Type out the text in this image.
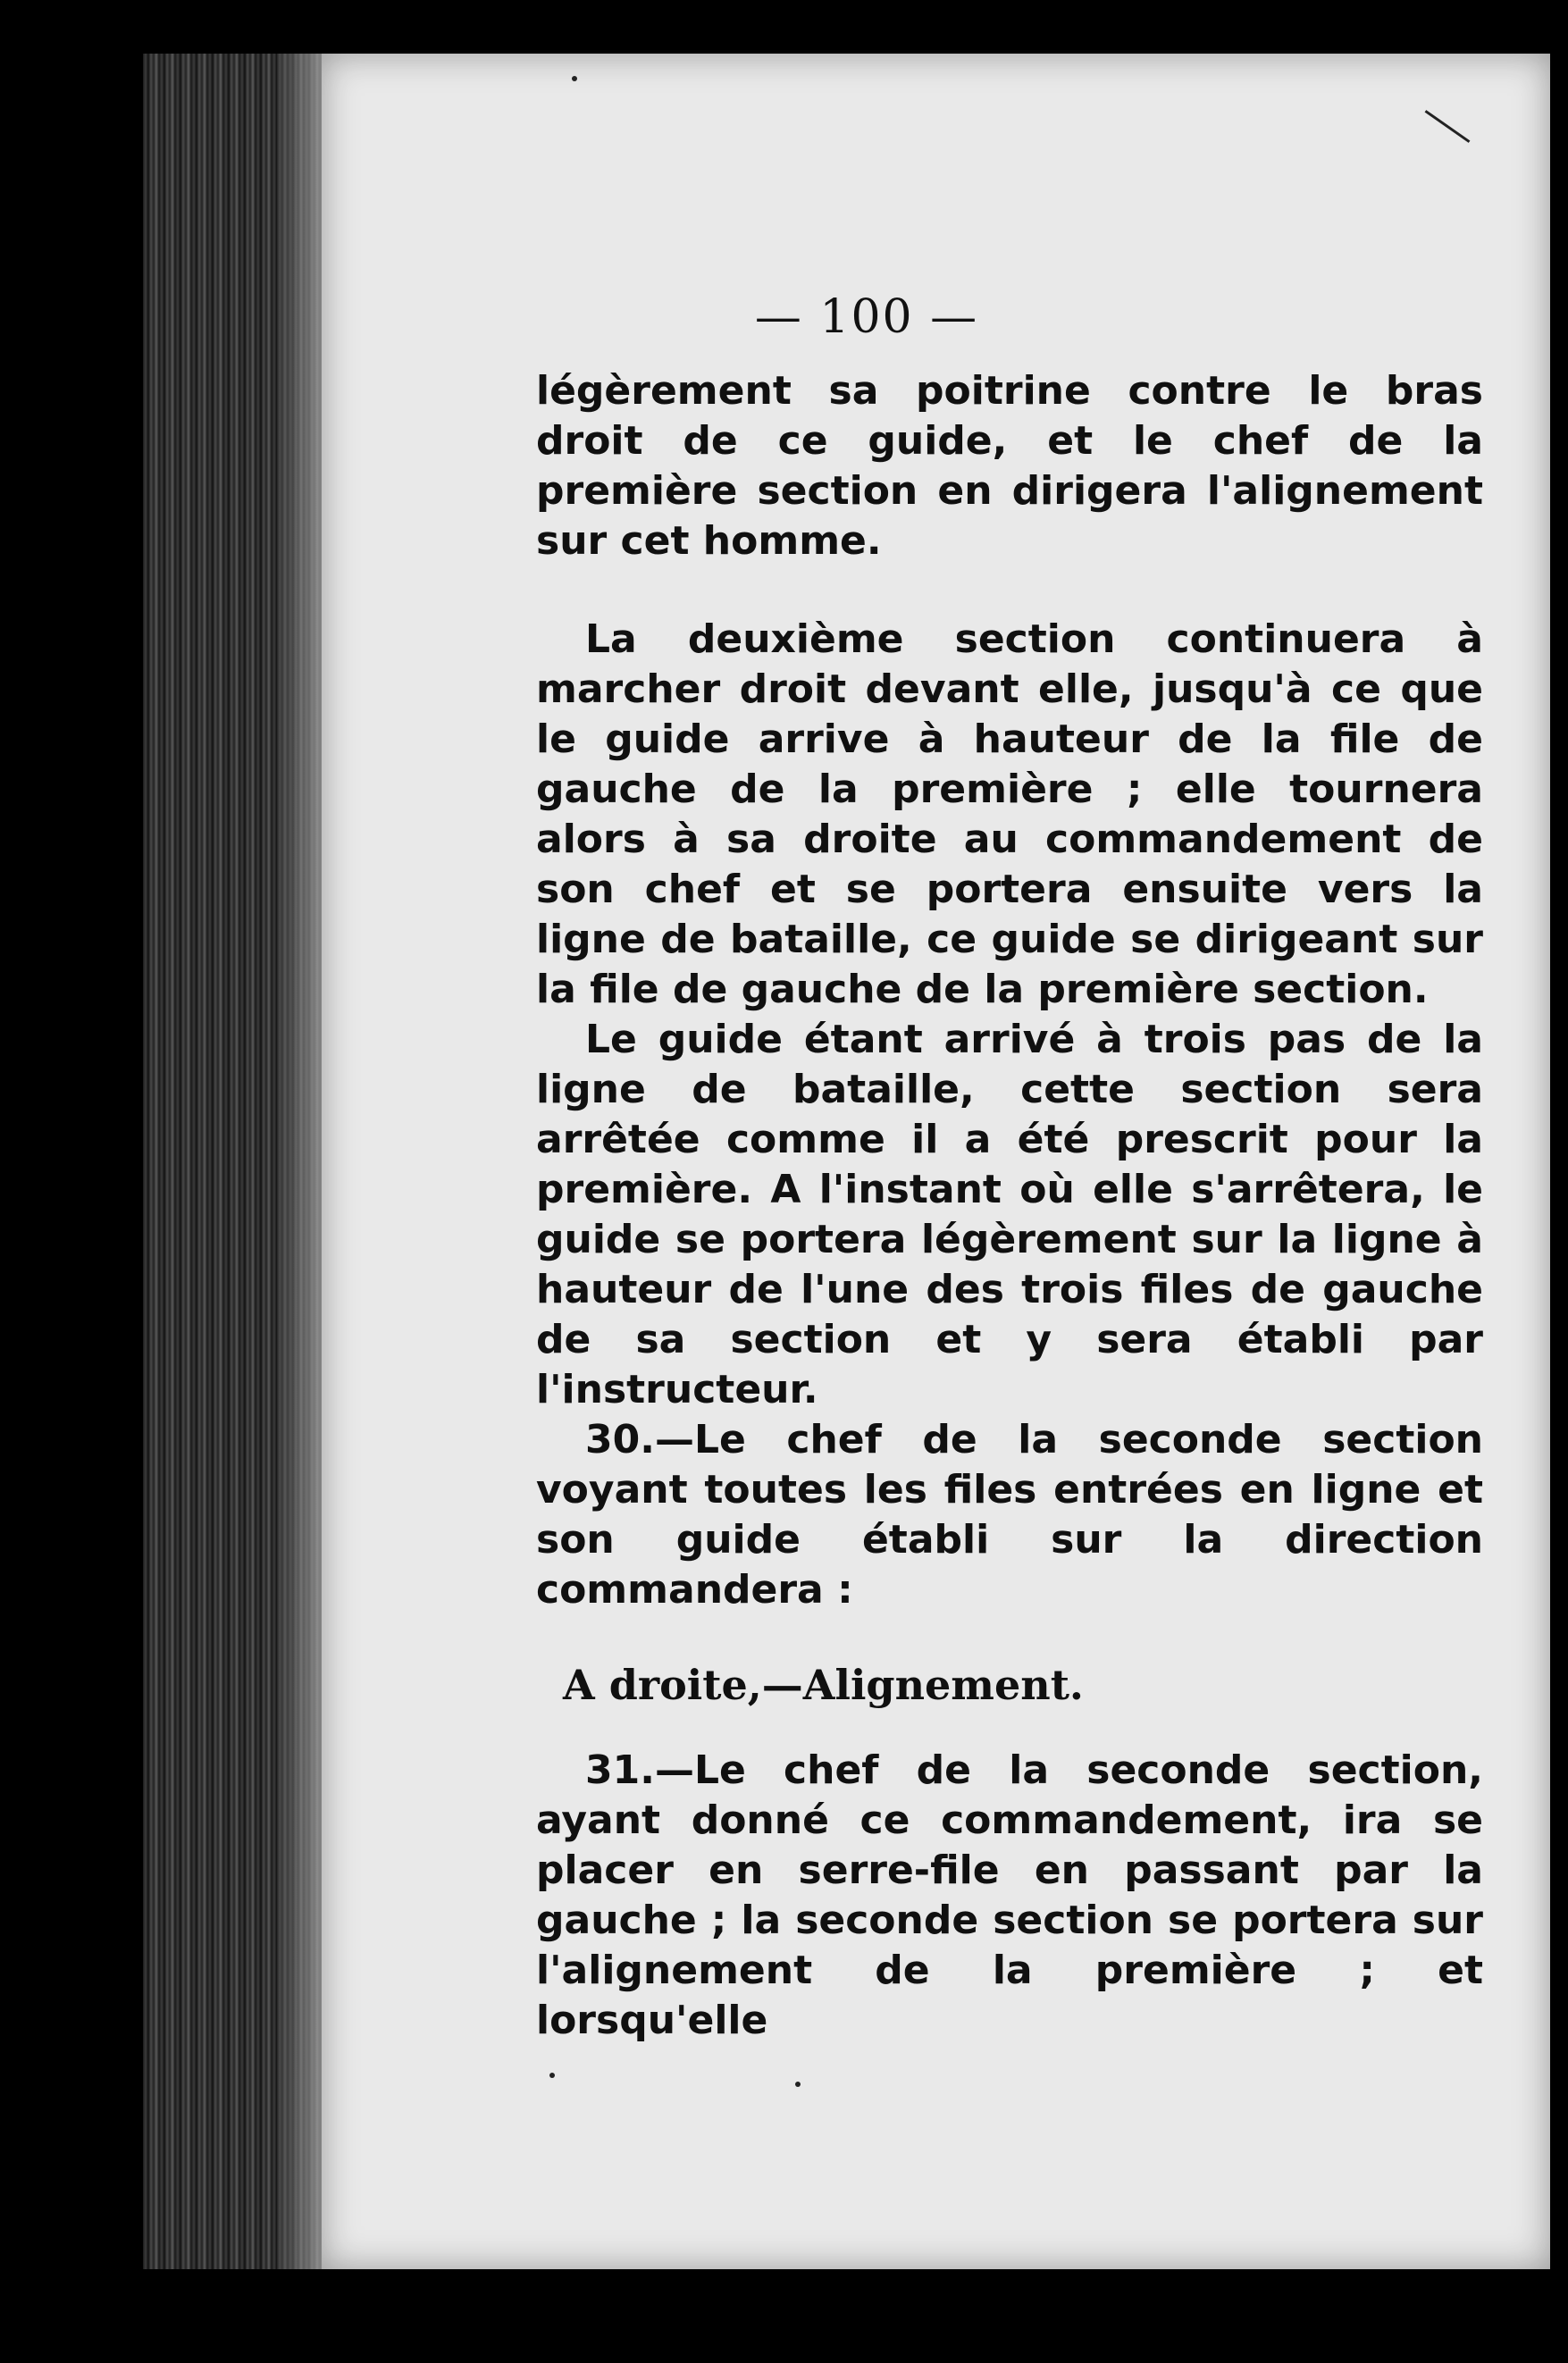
— 100 —

légèrement sa poitrine contre le bras droit de ce guide, et le chef de la première section en dirigera l'alignement sur cet homme.

La deuxième section continuera à marcher droit devant elle, jusqu'à ce que le guide arrive à hauteur de la file de gauche de la première ; elle tournera alors à sa droite au commandement de son chef et se portera ensuite vers la ligne de bataille, ce guide se dirigeant sur la file de gauche de la première section.

Le guide étant arrivé à trois pas de la ligne de bataille, cette section sera arrêtée comme il a été prescrit pour la première. A l'instant où elle s'arrêtera, le guide se portera légèrement sur la ligne à hauteur de l'une des trois files de gauche de sa section et y sera établi par l'instructeur.

30.—Le chef de la seconde section voyant toutes les files entrées en ligne et son guide établi sur la direction commandera :

A droite,—Alignement.

31.—Le chef de la seconde section, ayant donné ce commandement, ira se placer en serre-file en passant par la gauche ; la seconde section se portera sur l'alignement de la première ; et lorsqu'elle
